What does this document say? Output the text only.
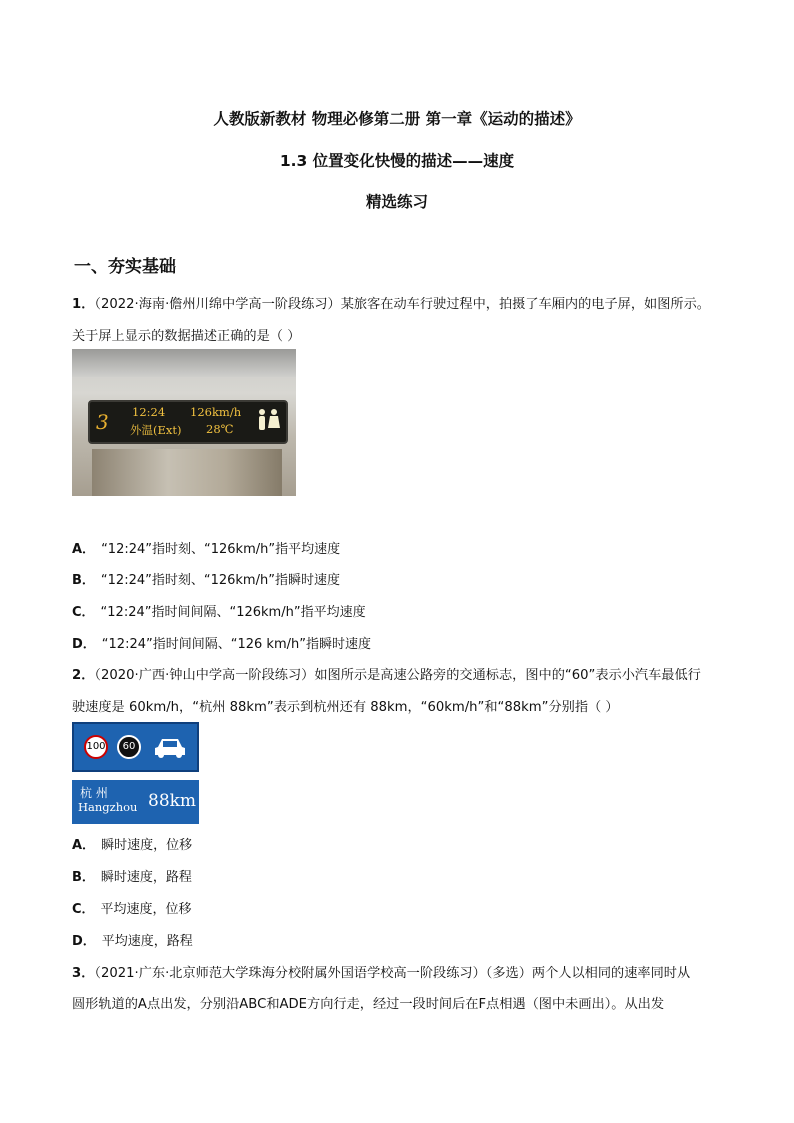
人教版新教材 物理必修第二册 第一章《运动的描述》
1.3 位置变化快慢的描述——速度
精选练习
一、夯实基础
1．（2022·海南·儋州川绵中学高一阶段练习）某旅客在动车行驶过程中，拍摄了车厢内的电子屏，如图所示。
关于屏上显示的数据描述正确的是（ ）
3 12:24 126km/h
外温(Ext) 28℃
A． “12:24”指时刻、“126km/h”指平均速度
B． “12:24”指时刻、“126km/h”指瞬时速度
C． “12:24”指时间间隔、“126km/h”指平均速度
D． “12:24”指时间间隔、“126 km/h”指瞬时速度
2．（2020·广西·钟山中学高一阶段练习）如图所示是高速公路旁的交通标志，图中的“60”表示小汽车最低行
驶速度是 60km/h，“杭州 88km”表示到杭州还有 88km，“60km/h”和“88km”分别指（ ）
100	60
杭 州
Hangzhou 88km
A． 瞬时速度，位移
B． 瞬时速度，路程
C． 平均速度，位移
D． 平均速度，路程
3．（2021·广东·北京师范大学珠海分校附属外国语学校高一阶段练习）（多选）两个人以相同的速率同时从
圆形轨道的A点出发，分别沿ABC和ADE方向行走，经过一段时间后在F点相遇（图中未画出）。从出发
